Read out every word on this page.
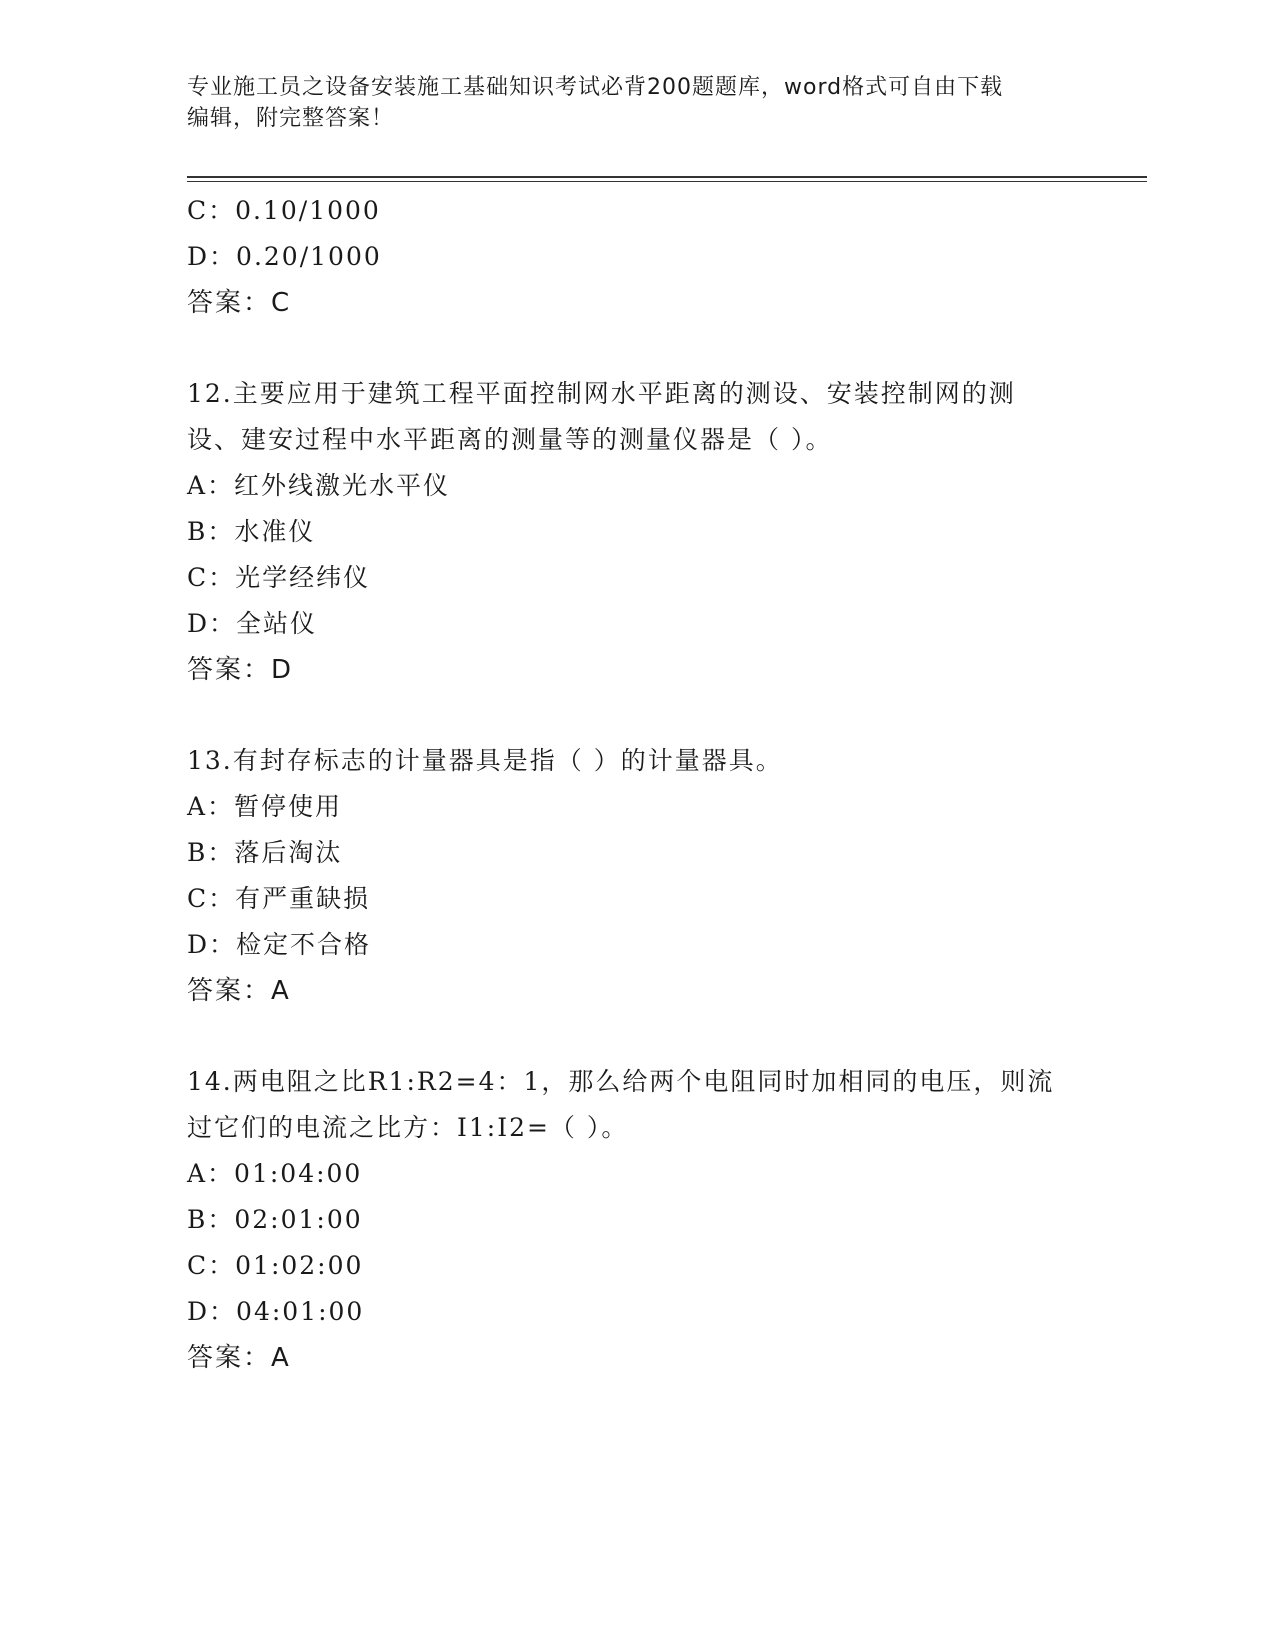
专业施工员之设备安装施工基础知识考试必背200题题库，word格式可自由下载
编辑，附完整答案！
C：0.10/1000
D：0.20/1000
答案：C
12.主要应用于建筑工程平面控制网水平距离的测设、安装控制网的测
设、建安过程中水平距离的测量等的测量仪器是（ ）。
A：红外线激光水平仪
B：水准仪
C：光学经纬仪
D：全站仪
答案：D
13.有封存标志的计量器具是指（ ）的计量器具。
A：暂停使用
B：落后淘汰
C：有严重缺损
D：检定不合格
答案：A
14.两电阻之比R1:R2=4：1，那么给两个电阻同时加相同的电压，则流
过它们的电流之比方：I1:I2=（ ）。
A：01:04:00
B：02:01:00
C：01:02:00
D：04:01:00
答案：A
